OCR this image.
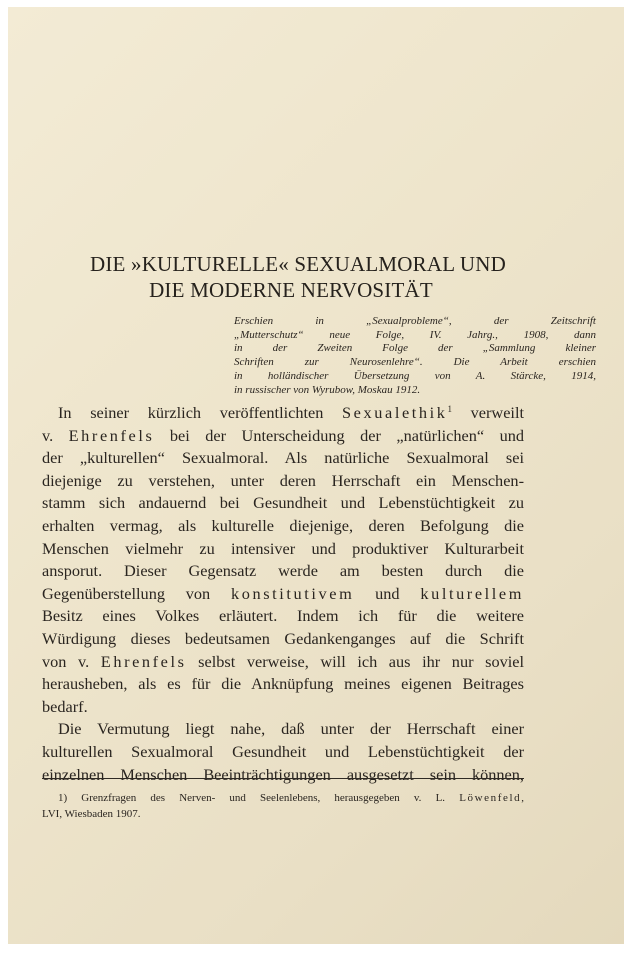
DIE »KULTURELLE« SEXUALMORAL UND
DIE MODERNE NERVOSITÄT
Erschien in „Sexualprobleme“, der Zeitschrift
„Mutterschutz“ neue Folge, IV. Jahrg., 1908, dann
in der Zweiten Folge der „Sammlung kleiner
Schriften zur Neurosenlehre“. Die Arbeit erschien
in holländischer Übersetzung von A. Stärcke, 1914,
in russischer von Wyrubow, Moskau 1912.
In seiner kürzlich veröffentlichten Sexualethik$^1$ verweilt
v. Ehrenfels bei der Unterscheidung der „natürlichen“ und
der „kulturellen“ Sexualmoral. Als natürliche Sexualmoral sei
diejenige zu verstehen, unter deren Herrschaft ein Menschen-
stamm sich andauernd bei Gesundheit und Lebenstüchtigkeit zu
erhalten vermag, als kulturelle diejenige, deren Befolgung die
Menschen vielmehr zu intensiver und produktiver Kulturarbeit
ansporut. Dieser Gegensatz werde am besten durch die
Gegenüberstellung von konstitutivem und kulturellem
Besitz eines Volkes erläutert. Indem ich für die weitere
Würdigung dieses bedeutsamen Gedankenganges auf die Schrift
von v. Ehrenfels selbst verweise, will ich aus ihr nur soviel
herausheben, als es für die Anknüpfung meines eigenen Beitrages
bedarf.
Die Vermutung liegt nahe, daß unter der Herrschaft einer
kulturellen Sexualmoral Gesundheit und Lebenstüchtigkeit der
einzelnen Menschen Beeinträchtigungen ausgesetzt sein können,
1) Grenzfragen des Nerven- und Seelenlebens, herausgegeben v. L. Löwenfeld,
LVI, Wiesbaden 1907.
